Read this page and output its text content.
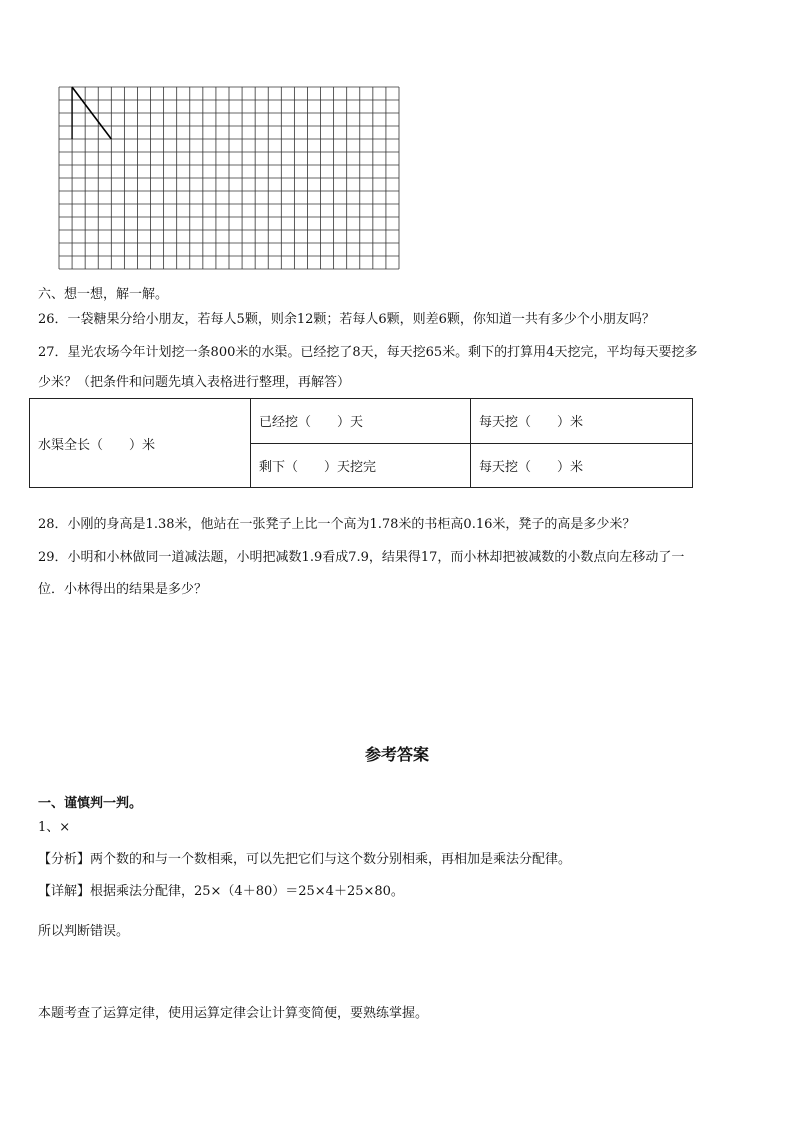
六、想一想，解一解。
26．一袋糖果分给小朋友，若每人5颗，则余12颗；若每人6颗，则差6颗，你知道一共有多少个小朋友吗？
27．星光农场今年计划挖一条800米的水渠。已经挖了8天，每天挖65米。剩下的打算用4天挖完，平均每天要挖多
少米？（把条件和问题先填入表格进行整理，再解答）
水渠全长（　　）米	已经挖（　　）天	每天挖（　　）米
	剩下（　　）天挖完	每天挖（　　）米
28．小刚的身高是1.38米，他站在一张凳子上比一个高为1.78米的书柜高0.16米，凳子的高是多少米？
29．小明和小林做同一道减法题，小明把减数1.9看成7.9，结果得17，而小林却把被减数的小数点向左移动了一
位．小林得出的结果是多少？
参考答案
一、谨慎判一判。
1、×
【分析】两个数的和与一个数相乘，可以先把它们与这个数分别相乘，再相加是乘法分配律。
【详解】根据乘法分配律，25×（4＋80）＝25×4＋25×80。
所以判断错误。
本题考查了运算定律，使用运算定律会让计算变简便，要熟练掌握。
